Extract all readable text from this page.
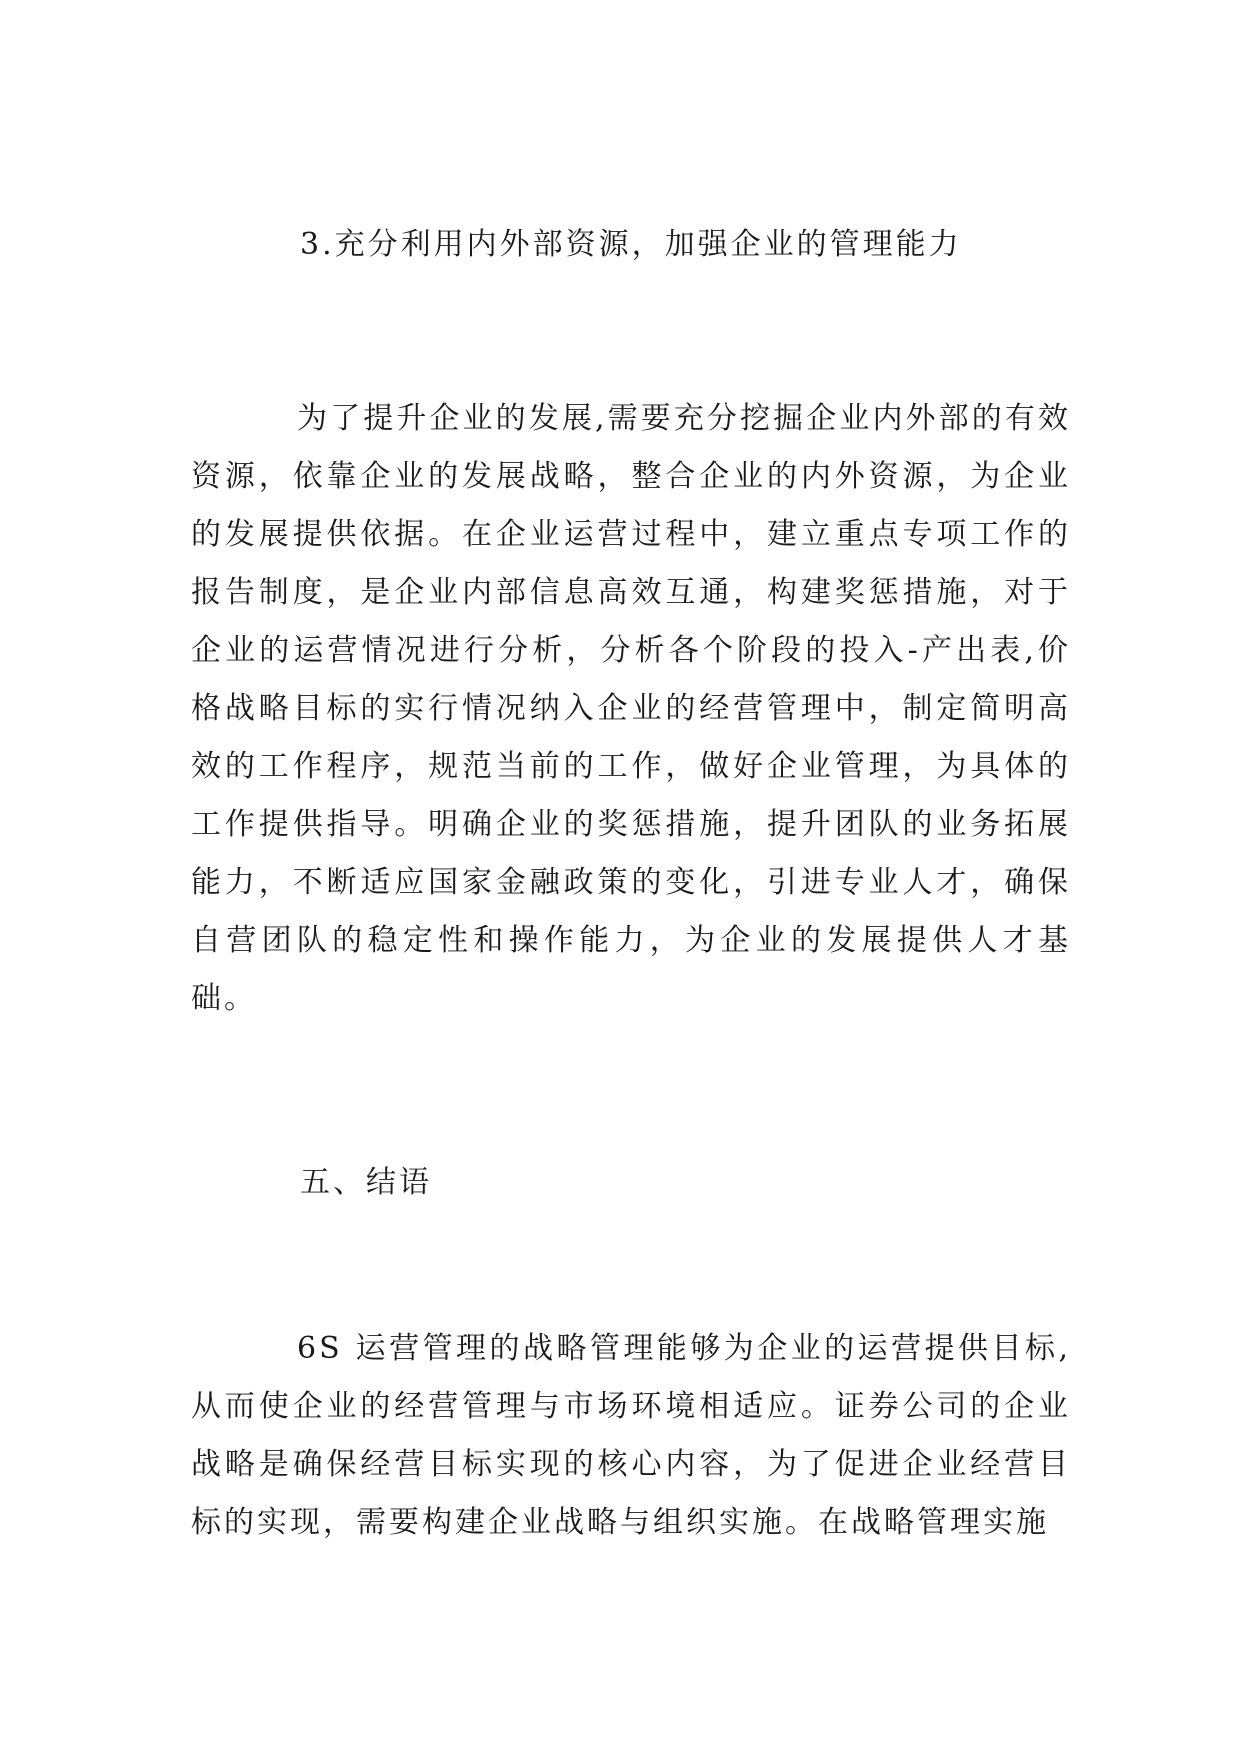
3.充分利用内外部资源，加强企业的管理能力

为了提升企业的发展,需要充分挖掘企业内外部的有效资源，依靠企业的发展战略，整合企业的内外资源，为企业的发展提供依据。在企业运营过程中，建立重点专项工作的报告制度，是企业内部信息高效互通，构建奖惩措施，对于企业的运营情况进行分析，分析各个阶段的投入-产出表,价格战略目标的实行情况纳入企业的经营管理中，制定简明高效的工作程序，规范当前的工作，做好企业管理，为具体的工作提供指导。明确企业的奖惩措施，提升团队的业务拓展能力，不断适应国家金融政策的变化，引进专业人才，确保自营团队的稳定性和操作能力，为企业的发展提供人才基础。

五、结语

6S 运营管理的战略管理能够为企业的运营提供目标,从而使企业的经营管理与市场环境相适应。证券公司的企业战略是确保经营目标实现的核心内容，为了促进企业经营目标的实现，需要构建企业战略与组织实施。在战略管理实施
